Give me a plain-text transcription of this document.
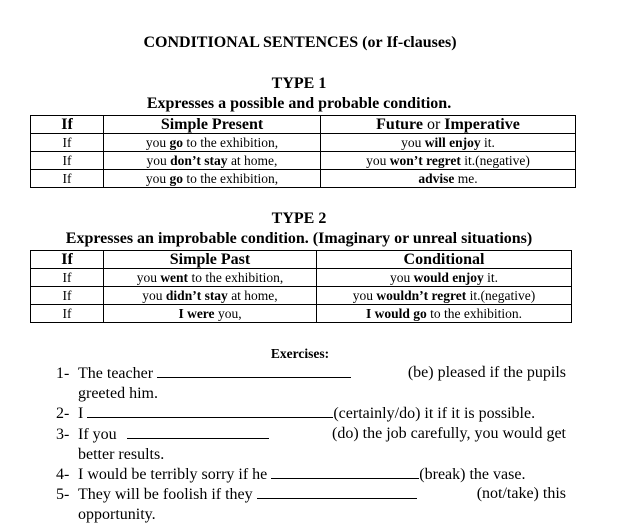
CONDITIONAL SENTENCES (or If-clauses)
TYPE 1
Expresses a possible and probable condition.
If	Simple Present	Future or Imperative
If	you go to the exhibition,	you will enjoy it.
If	you don’t stay at home,	you won’t regret it.(negative)
If	you go to the exhibition,	advise me.
TYPE 2
Expresses an improbable condition. (Imaginary or unreal situations)
If	Simple Past	Conditional
If	you went to the exhibition,	you would enjoy it.
If	you didn’t stay at home,	you wouldn’t regret it.(negative)
If	I were you,	I would go to the exhibition.
Exercises:
1- The teacher	(be) pleased if the pupils
greeted him.
2- I	(certainly/do) it if it is possible.
3- If you	(do) the job carefully, you would get
better results.
4- I would be terribly sorry if he	(break) the vase.
5- They will be foolish if they	(not/take) this
opportunity.
